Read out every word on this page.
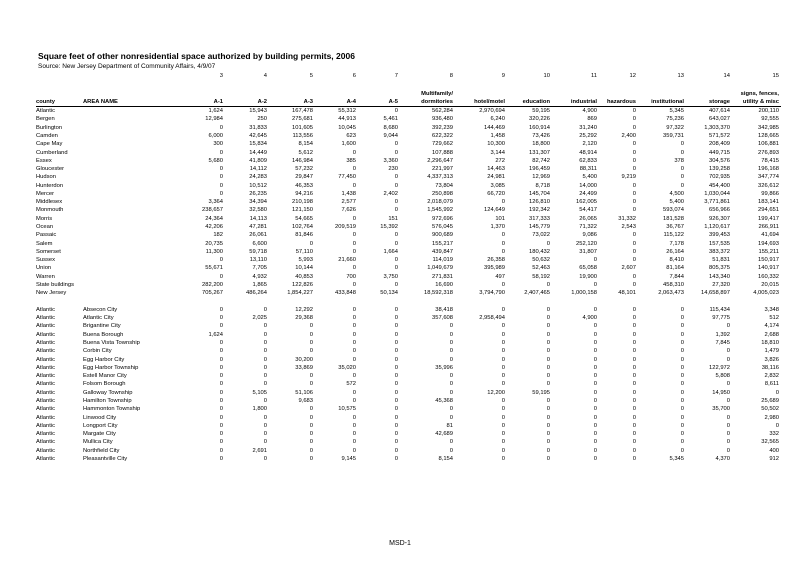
Square feet of other nonresidential space authorized by building permits, 2006
Source: New Jersey Department of Community Affairs, 4/9/07
		3	4	5	6	7	8	9	10	11	12	13	14	15

							Multifamily/							signs, fences,
county	AREA NAME	A-1	A-2	A-3	A-4	A-5	dormitories	hotel/motel	education	industrial	hazardous	institutional	storage	utility & misc
Atlantic		1,624	15,943	167,478	55,312	0	562,284	2,970,694	59,195	4,900	0	5,345	407,614	200,110
Bergen		12,984	250	275,681	44,913	5,461	936,480	6,240	320,226	869	0	75,236	643,027	92,555
Burlington		0	31,833	101,605	10,045	8,680	392,239	144,469	160,914	31,240	0	97,322	1,303,370	342,985
Camden		6,000	42,645	113,556	623	9,044	622,322	1,458	73,426	25,292	2,400	359,731	571,572	128,665
Cape May		300	15,834	8,154	1,600	0	729,662	10,300	18,800	2,120	0	0	208,409	106,881
Cumberland		0	14,449	5,612	0	0	107,888	3,144	131,307	48,914	0	0	449,715	276,893
Essex		5,680	41,809	146,984	385	3,360	2,296,647	272	82,742	62,833	0	378	304,576	78,415
Gloucester		0	14,112	57,232	0	230	221,997	14,463	196,459	88,311	0	0	139,258	196,168
Hudson		0	24,283	29,847	77,450	0	4,337,313	24,981	12,969	5,400	9,219	0	702,935	347,774
Hunterdon		0	10,512	46,353	0	0	73,804	3,085	8,718	14,000	0	0	454,400	326,612
Mercer		0	26,235	94,216	1,438	2,402	250,898	66,720	145,704	24,499	0	4,500	1,030,044	99,866
Middlesex		3,364	34,394	210,198	2,577	0	2,018,079	0	126,810	162,005	0	5,400	3,771,861	183,141
Monmouth		238,657	32,580	121,150	7,626	0	1,545,992	124,649	192,342	54,417	0	593,074	656,966	294,651
Morris		24,364	14,113	54,665	0	151	972,696	101	317,333	26,065	31,332	181,528	926,307	199,417
Ocean		42,206	47,281	102,764	209,519	15,392	576,045	1,370	145,779	71,322	2,543	36,767	1,120,617	266,911
Passaic		182	26,061	81,846	0	0	900,689	0	73,022	9,086	0	115,122	399,453	41,694
Salem		20,735	6,600	0	0	0	155,217	0	0	252,120	0	7,178	157,535	194,693
Somerset		11,300	59,718	57,110	0	1,664	439,847	0	180,432	31,807	0	26,164	383,372	155,211
Sussex		0	13,110	5,993	21,660	0	114,019	26,358	50,632	0	0	8,410	51,831	150,917
Union		55,671	7,705	10,144	0	0	1,049,679	395,989	52,463	65,058	2,607	81,164	805,375	140,917
Warren		0	4,932	40,853	700	3,750	271,831	497	58,192	19,900	0	7,844	143,340	160,332
State buildings		282,200	1,865	122,826	0	0	16,690	0	0	0	0	458,310	27,320	20,015
New Jersey		705,267	486,264	1,854,227	433,848	50,134	18,592,318	3,794,790	2,407,465	1,000,158	48,101	2,063,473	14,658,897	4,005,023

Atlantic	Absecon City	0	0	12,292	0	0	38,418	0	0	0	0	0	115,434	3,348
Atlantic	Atlantic City	0	2,025	29,368	0	0	357,608	2,958,494	0	4,900	0	0	97,775	512
Atlantic	Brigantine City	0	0	0	0	0	0	0	0	0	0	0	0	4,174
Atlantic	Buena Borough	1,624	0	0	0	0	0	0	0	0	0	0	1,392	2,688
Atlantic	Buena Vista Township	0	0	0	0	0	0	0	0	0	0	0	7,845	18,810
Atlantic	Corbin City	0	0	0	0	0	0	0	0	0	0	0	0	1,479
Atlantic	Egg Harbor City	0	0	30,200	0	0	0	0	0	0	0	0	0	3,826
Atlantic	Egg Harbor Township	0	0	33,869	35,020	0	35,996	0	0	0	0	0	122,972	38,116
Atlantic	Estell Manor City	0	0	0	0	0	0	0	0	0	0	0	5,808	2,832
Atlantic	Folsom Borough	0	0	0	572	0	0	0	0	0	0	0	0	8,611
Atlantic	Galloway Township	0	5,105	51,106	0	0	0	12,200	59,195	0	0	0	14,950	0
Atlantic	Hamilton Township	0	0	9,683	0	0	45,368	0	0	0	0	0	0	25,689
Atlantic	Hammonton Township	0	1,800	0	10,575	0	0	0	0	0	0	0	35,700	50,502
Atlantic	Linwood City	0	0	0	0	0	0	0	0	0	0	0	0	2,980
Atlantic	Longport City	0	0	0	0	0	81	0	0	0	0	0	0	0
Atlantic	Margate City	0	0	0	0	0	42,689	0	0	0	0	0	0	332
Atlantic	Mullica City	0	0	0	0	0	0	0	0	0	0	0	0	32,565
Atlantic	Northfield City	0	2,691	0	0	0	0	0	0	0	0	0	0	400
Atlantic	Pleasantville City	0	0	0	9,145	0	8,154	0	0	0	0	5,345	4,370	912
MSD-1
